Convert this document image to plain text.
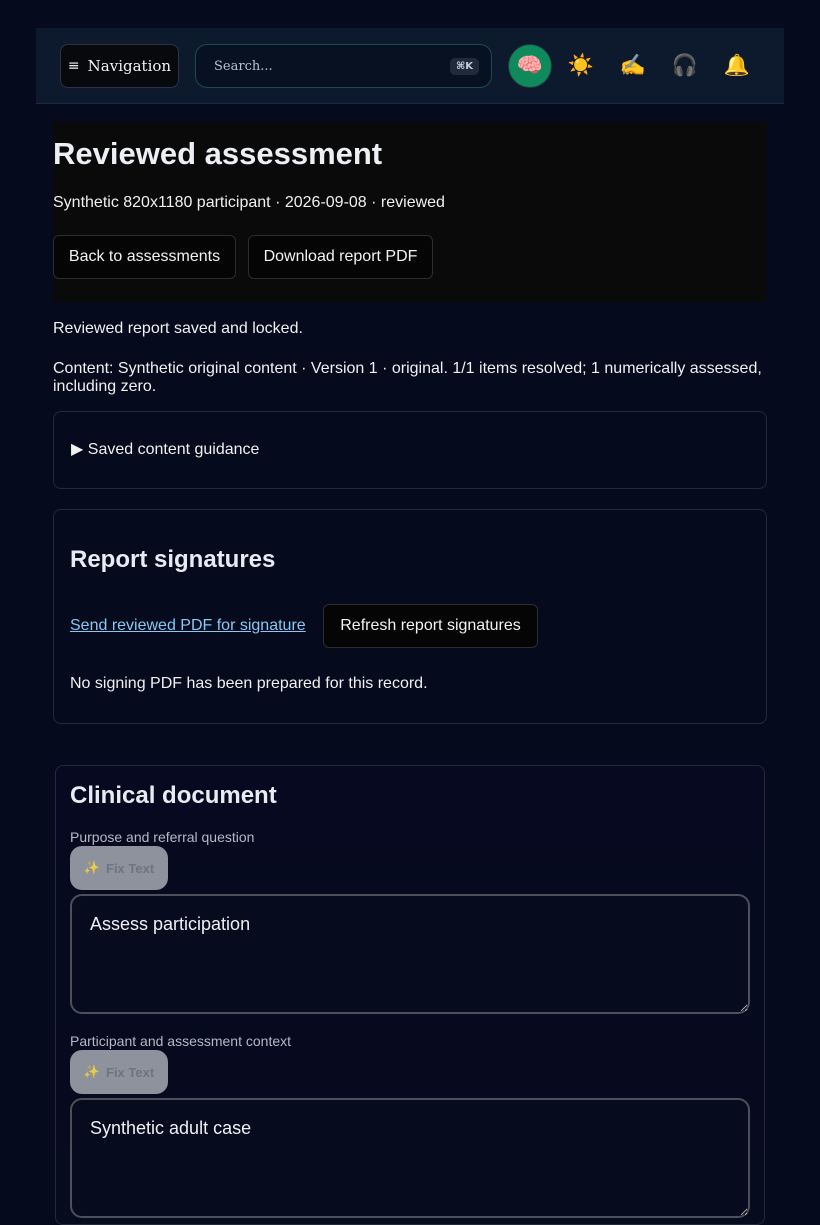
≡ Navigation
Search...	⌘K	🧠	☀️	✍️	🎧	🔔
Reviewed assessment
Synthetic 820x1180 participant · 2026-09-08 · reviewed
Back to assessments	Download report PDF
Reviewed report saved and locked.
Content: Synthetic original content · Version 1 · original. 1/1 items resolved; 1 numerically assessed,
including zero.
▶ Saved content guidance
Report signatures
Send reviewed PDF for signature	Refresh report signatures
No signing PDF has been prepared for this record.
Clinical document
Purpose and referral question
✨ Fix Text
Assess participation
Participant and assessment context
✨ Fix Text
Synthetic adult case
